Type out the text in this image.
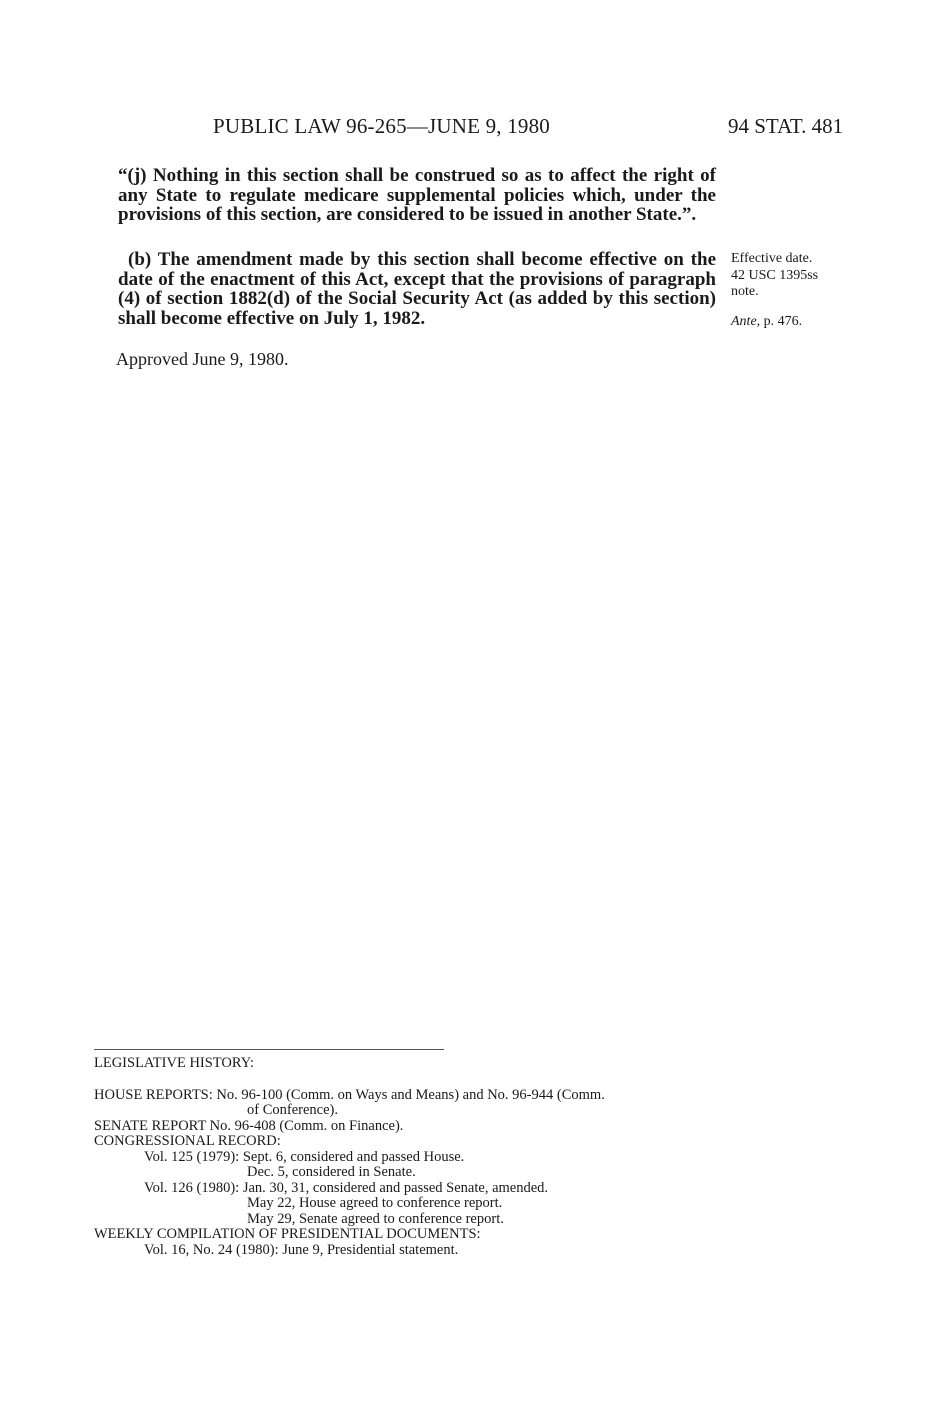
PUBLIC LAW 96-265—JUNE 9, 1980	94 STAT. 481

“(j) Nothing in this section shall be construed so as to affect the right of any State to regulate medicare supplemental policies which, under the provisions of this section, are considered to be issued in another State.”.

(b) The amendment made by this section shall become effective on the date of the enactment of this Act, except that the provisions of paragraph (4) of section 1882(d) of the Social Security Act (as added by this section) shall become effective on July 1, 1982.

Approved June 9, 1980.
Effective date.
42 USC 1395ss
note.
Ante, p. 476.
LEGISLATIVE HISTORY:
HOUSE REPORTS: No. 96-100 (Comm. on Ways and Means) and No. 96-944 (Comm.
of Conference).
SENATE REPORT No. 96-408 (Comm. on Finance).
CONGRESSIONAL RECORD:
Vol. 125 (1979): Sept. 6, considered and passed House.
Dec. 5, considered in Senate.
Vol. 126 (1980): Jan. 30, 31, considered and passed Senate, amended.
May 22, House agreed to conference report.
May 29, Senate agreed to conference report.
WEEKLY COMPILATION OF PRESIDENTIAL DOCUMENTS:
Vol. 16, No. 24 (1980): June 9, Presidential statement.
